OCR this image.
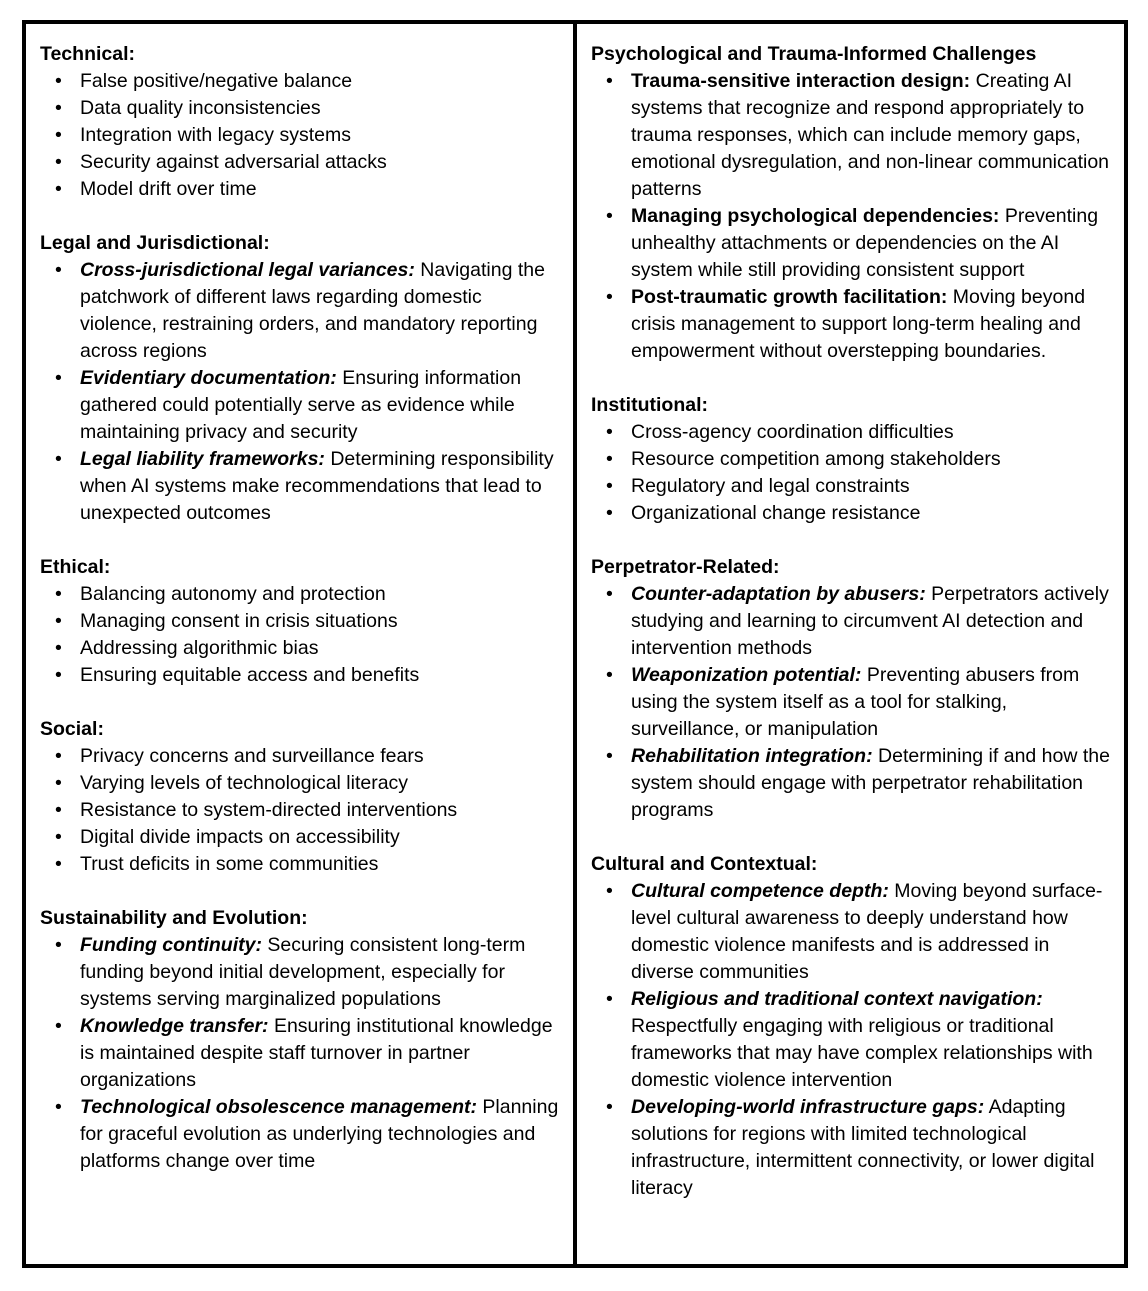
Technical:
• False positive/negative balance
• Data quality inconsistencies
• Integration with legacy systems
• Security against adversarial attacks
• Model drift over time
Legal and Jurisdictional:
• Cross-jurisdictional legal variances: Navigating the patchwork of different laws regarding domestic violence, restraining orders, and mandatory reporting across regions
• Evidentiary documentation: Ensuring information gathered could potentially serve as evidence while maintaining privacy and security
• Legal liability frameworks: Determining responsibility when AI systems make recommendations that lead to unexpected outcomes
Ethical:
• Balancing autonomy and protection
• Managing consent in crisis situations
• Addressing algorithmic bias
• Ensuring equitable access and benefits
Social:
• Privacy concerns and surveillance fears
• Varying levels of technological literacy
• Resistance to system-directed interventions
• Digital divide impacts on accessibility
• Trust deficits in some communities
Sustainability and Evolution:
• Funding continuity: Securing consistent long-term funding beyond initial development, especially for systems serving marginalized populations
• Knowledge transfer: Ensuring institutional knowledge is maintained despite staff turnover in partner organizations
• Technological obsolescence management: Planning for graceful evolution as underlying technologies and platforms change over time
Psychological and Trauma-Informed Challenges
• Trauma-sensitive interaction design: Creating AI systems that recognize and respond appropriately to trauma responses, which can include memory gaps, emotional dysregulation, and non-linear communication patterns
• Managing psychological dependencies: Preventing unhealthy attachments or dependencies on the AI system while still providing consistent support
• Post-traumatic growth facilitation: Moving beyond crisis management to support long-term healing and empowerment without overstepping boundaries.
Institutional:
• Cross-agency coordination difficulties
• Resource competition among stakeholders
• Regulatory and legal constraints
• Organizational change resistance
Perpetrator-Related:
• Counter-adaptation by abusers: Perpetrators actively studying and learning to circumvent AI detection and intervention methods
• Weaponization potential: Preventing abusers from using the system itself as a tool for stalking, surveillance, or manipulation
• Rehabilitation integration: Determining if and how the system should engage with perpetrator rehabilitation programs
Cultural and Contextual:
• Cultural competence depth: Moving beyond surface-level cultural awareness to deeply understand how domestic violence manifests and is addressed in diverse communities
• Religious and traditional context navigation: Respectfully engaging with religious or traditional frameworks that may have complex relationships with domestic violence intervention
• Developing-world infrastructure gaps: Adapting solutions for regions with limited technological infrastructure, intermittent connectivity, or lower digital literacy
